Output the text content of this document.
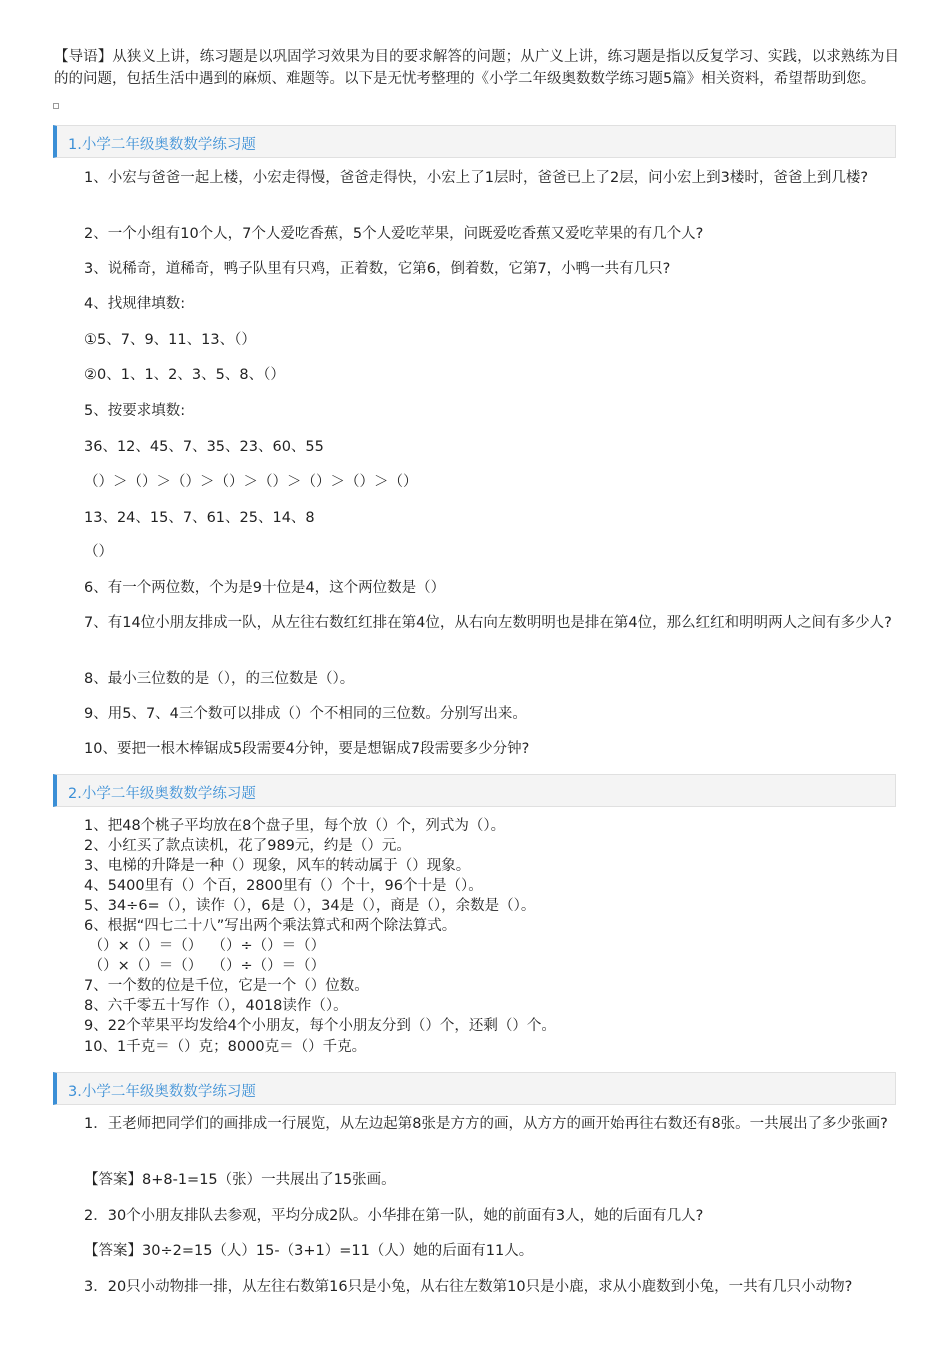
【导语】从狭义上讲，练习题是以巩固学习效果为目的要求解答的问题；从广义上讲，练习题是指以反复学习、实践，以求熟练为目的的问题，包括生活中遇到的麻烦、难题等。以下是无忧考整理的《小学二年级奥数数学练习题5篇》相关资料，希望帮助到您。
1.小学二年级奥数数学练习题
1、小宏与爸爸一起上楼，小宏走得慢，爸爸走得快，小宏上了1层时，爸爸已上了2层，问小宏上到3楼时，爸爸上到几楼?
2、一个小组有10个人，7个人爱吃香蕉，5个人爱吃苹果，问既爱吃香蕉又爱吃苹果的有几个人?
3、说稀奇，道稀奇，鸭子队里有只鸡，正着数，它第6，倒着数，它第7，小鸭一共有几只?
4、找规律填数:
①5、7、9、11、13、（）
②0、1、1、2、3、5、8、（）
5、按要求填数:
36、12、45、7、35、23、60、55
（）＞（）＞（）＞（）＞（）＞（）＞（）＞（）
13、24、15、7、61、25、14、8
（）
6、有一个两位数，个为是9十位是4，这个两位数是（）
7、有14位小朋友排成一队，从左往右数红红排在第4位，从右向左数明明也是排在第4位，那么红红和明明两人之间有多少人?
8、最小三位数的是（），的三位数是（）。
9、用5、7、4三个数可以排成（）个不相同的三位数。分别写出来。
10、要把一根木棒锯成5段需要4分钟，要是想锯成7段需要多少分钟?
2.小学二年级奥数数学练习题
1、把48个桃子平均放在8个盘子里，每个放（）个，列式为（）。
2、小红买了款点读机，花了989元，约是（）元。
3、电梯的升降是一种（）现象，风车的转动属于（）现象。
4、5400里有（）个百，2800里有（）个十，96个十是（）。
5、34÷6=（），读作（），6是（），34是（），商是（），余数是（）。
6、根据“四七二十八”写出两个乘法算式和两个除法算式。
（）×（）＝（）  （）÷（）＝（）
（）×（）＝（）  （）÷（）＝（）
7、一个数的位是千位，它是一个（）位数。
8、六千零五十写作（），4018读作（）。
9、22个苹果平均发给4个小朋友，每个小朋友分到（）个，还剩（）个。
10、1千克＝（）克；8000克＝（）千克。
3.小学二年级奥数数学练习题
1．王老师把同学们的画排成一行展览，从左边起第8张是方方的画，从方方的画开始再往右数还有8张。一共展出了多少张画?
【答案】8+8-1=15（张）一共展出了15张画。
2．30个小朋友排队去参观，平均分成2队。小华排在第一队，她的前面有3人，她的后面有几人?
【答案】30÷2=15（人）15-（3+1）=11（人）她的后面有11人。
3．20只小动物排一排，从左往右数第16只是小兔，从右往左数第10只是小鹿，求从小鹿数到小兔，一共有几只小动物?
